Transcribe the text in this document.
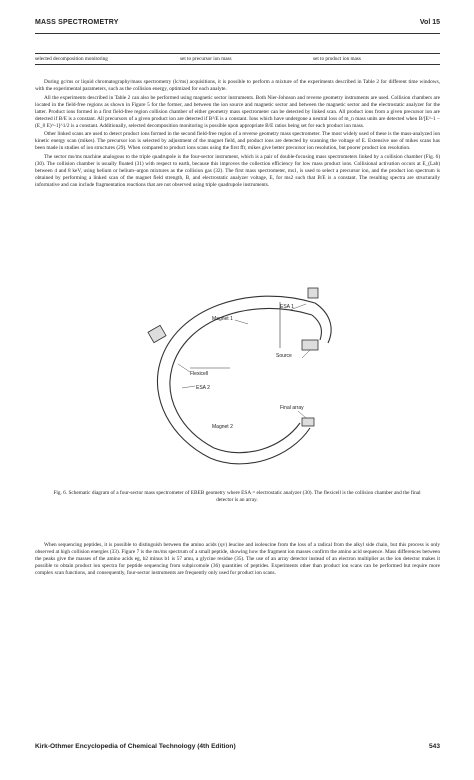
MASS SPECTROMETRY	Vol 15
selected decomposition monitoring	set to precursor ion mass	set to product ion mass

During gc/ms or liquid chromatography/mass spectrometry (lc/ms) acquisitions, it is possible to perform a mixture of the experiments described in Table 2 for different time windows, with the experimental parameters, such as the collision energy, optimized for each analyte.

All the experiments described in Table 2 can also be performed using magnetic sector instruments. Both Nier-Johnson and reverse geometry instruments are used. Collision chambers are located in the field-free regions as shown in Figure 5 for the former, and between the ion source and magnetic sector and between the magnetic sector and the electrostatic analyzer for the latter. Product ions formed in a first field-free region collision chamber of either geometry mass spectrometer can be detected by linked scan. All product ions from a given precursor ion are detected if B/E is a constant. All precursors of a given product ion are detected if B²/E is a constant. Ions which have undergone a neutral loss of m_n mass units are detected when B/[E^-1 − (E_0 E)^-1]^1/2 is a constant. Additionally, selected decomposition monitoring is possible upon appropriate B/E ratios being set for each product ion mass.

Other linked scans are used to detect product ions formed in the second field-free region of a reverse geometry mass spectrometer. The most widely used of these is the mass-analyzed ion kinetic energy scan (mikes). The precursor ion is selected by adjustment of the magnet field, and product ions are detected by scanning the voltage of E. Extensive use of mikes scans has been made in studies of ion structures (29). When compared to product ions scans using the first ffr, mikes give better precursor ion resolution, but poorer product ion resolution.

The sector ms/ms machine analogous to the triple quadrupole is the four-sector instrument, which is a pair of double-focusing mass spectrometers linked by a collision chamber (Fig. 6) (30). The collision chamber is usually floated (31) with respect to earth, because this improves the collection efficiency for low mass product ions. Collisional activation occurs at E_(Lab) between 4 and 8 keV, using helium or helium–argon mixtures as the collision gas (32). The first mass spectrometer, ms1, is used to select a precursor ion, and the product ion spectrum is obtained by performing a linked scan of the magnet field strength, B, and electrostatic analyzer voltage, E, for ms2 such that B/E is a constant. The resulting spectra are structurally informative and can include fragmentation reactions that are not observed using triple quadrupole instruments.

ESA 1
Magnet 1
Source
Flexicell
ESA 2
Final array
Magnet 2
Fig. 6. Schematic diagram of a four-sector mass spectrometer of EBEB geometry where ESA = electrostatic analyzer (30). The flexicell is the collision chamber and the final detector is an array.

When sequencing peptides, it is possible to distinguish between the amino acids (qv) leucine and isoleucine from the loss of a radical from the alkyl side chain, but this process is only observed at high collision energies (33). Figure 7 is the ms/ms spectrum of a small peptide, showing how the fragment ion masses confirm the amino acid sequence. Mass differences between the peaks give the masses of the amino acids eg, b2 minus b1 is 57 amu, a glycine residue (35). The use of an array detector instead of an electron multiplier as the ion detector makes it possible to obtain product ion spectra for peptide sequencing from subpicomole (36) quantities of peptides. Experiments other than product ion scans can be performed but require more complex scan functions, and consequently, four-sector instruments are frequently only used for product ion scans.

Kirk-Othmer Encyclopedia of Chemical Technology (4th Edition)	543
